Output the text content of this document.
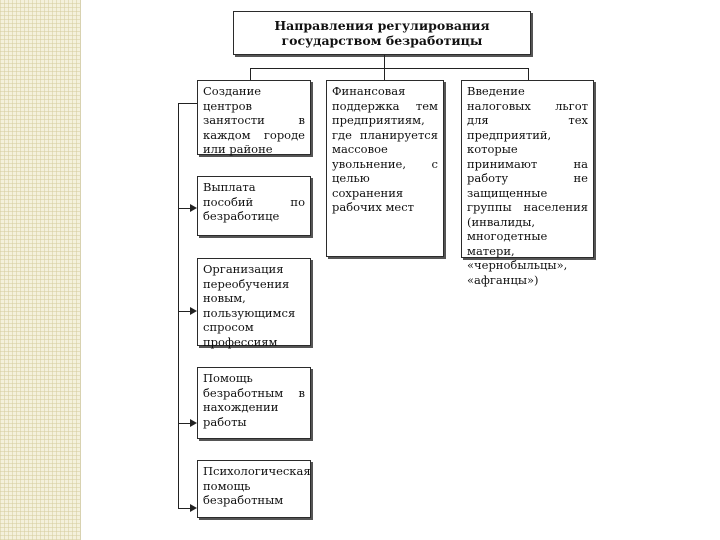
Направления регулирования
государством безработицы
Создание центров занятости в каждом городе или районе
Выплата пособий по безработице
Организация переобучения новым, пользующимся спросом профессиям
Помощь безработным в нахождении работы
Психологическая помощь безработным
Финансовая поддержка тем предприятиям, где планируется массовое увольнение, с целью сохранения рабочих мест
Введение налоговых льгот для тех предприятий, которые принимают на работу не защищенные группы населения (инвалиды, многодетные матери, «чернобыльцы», «афганцы»)
